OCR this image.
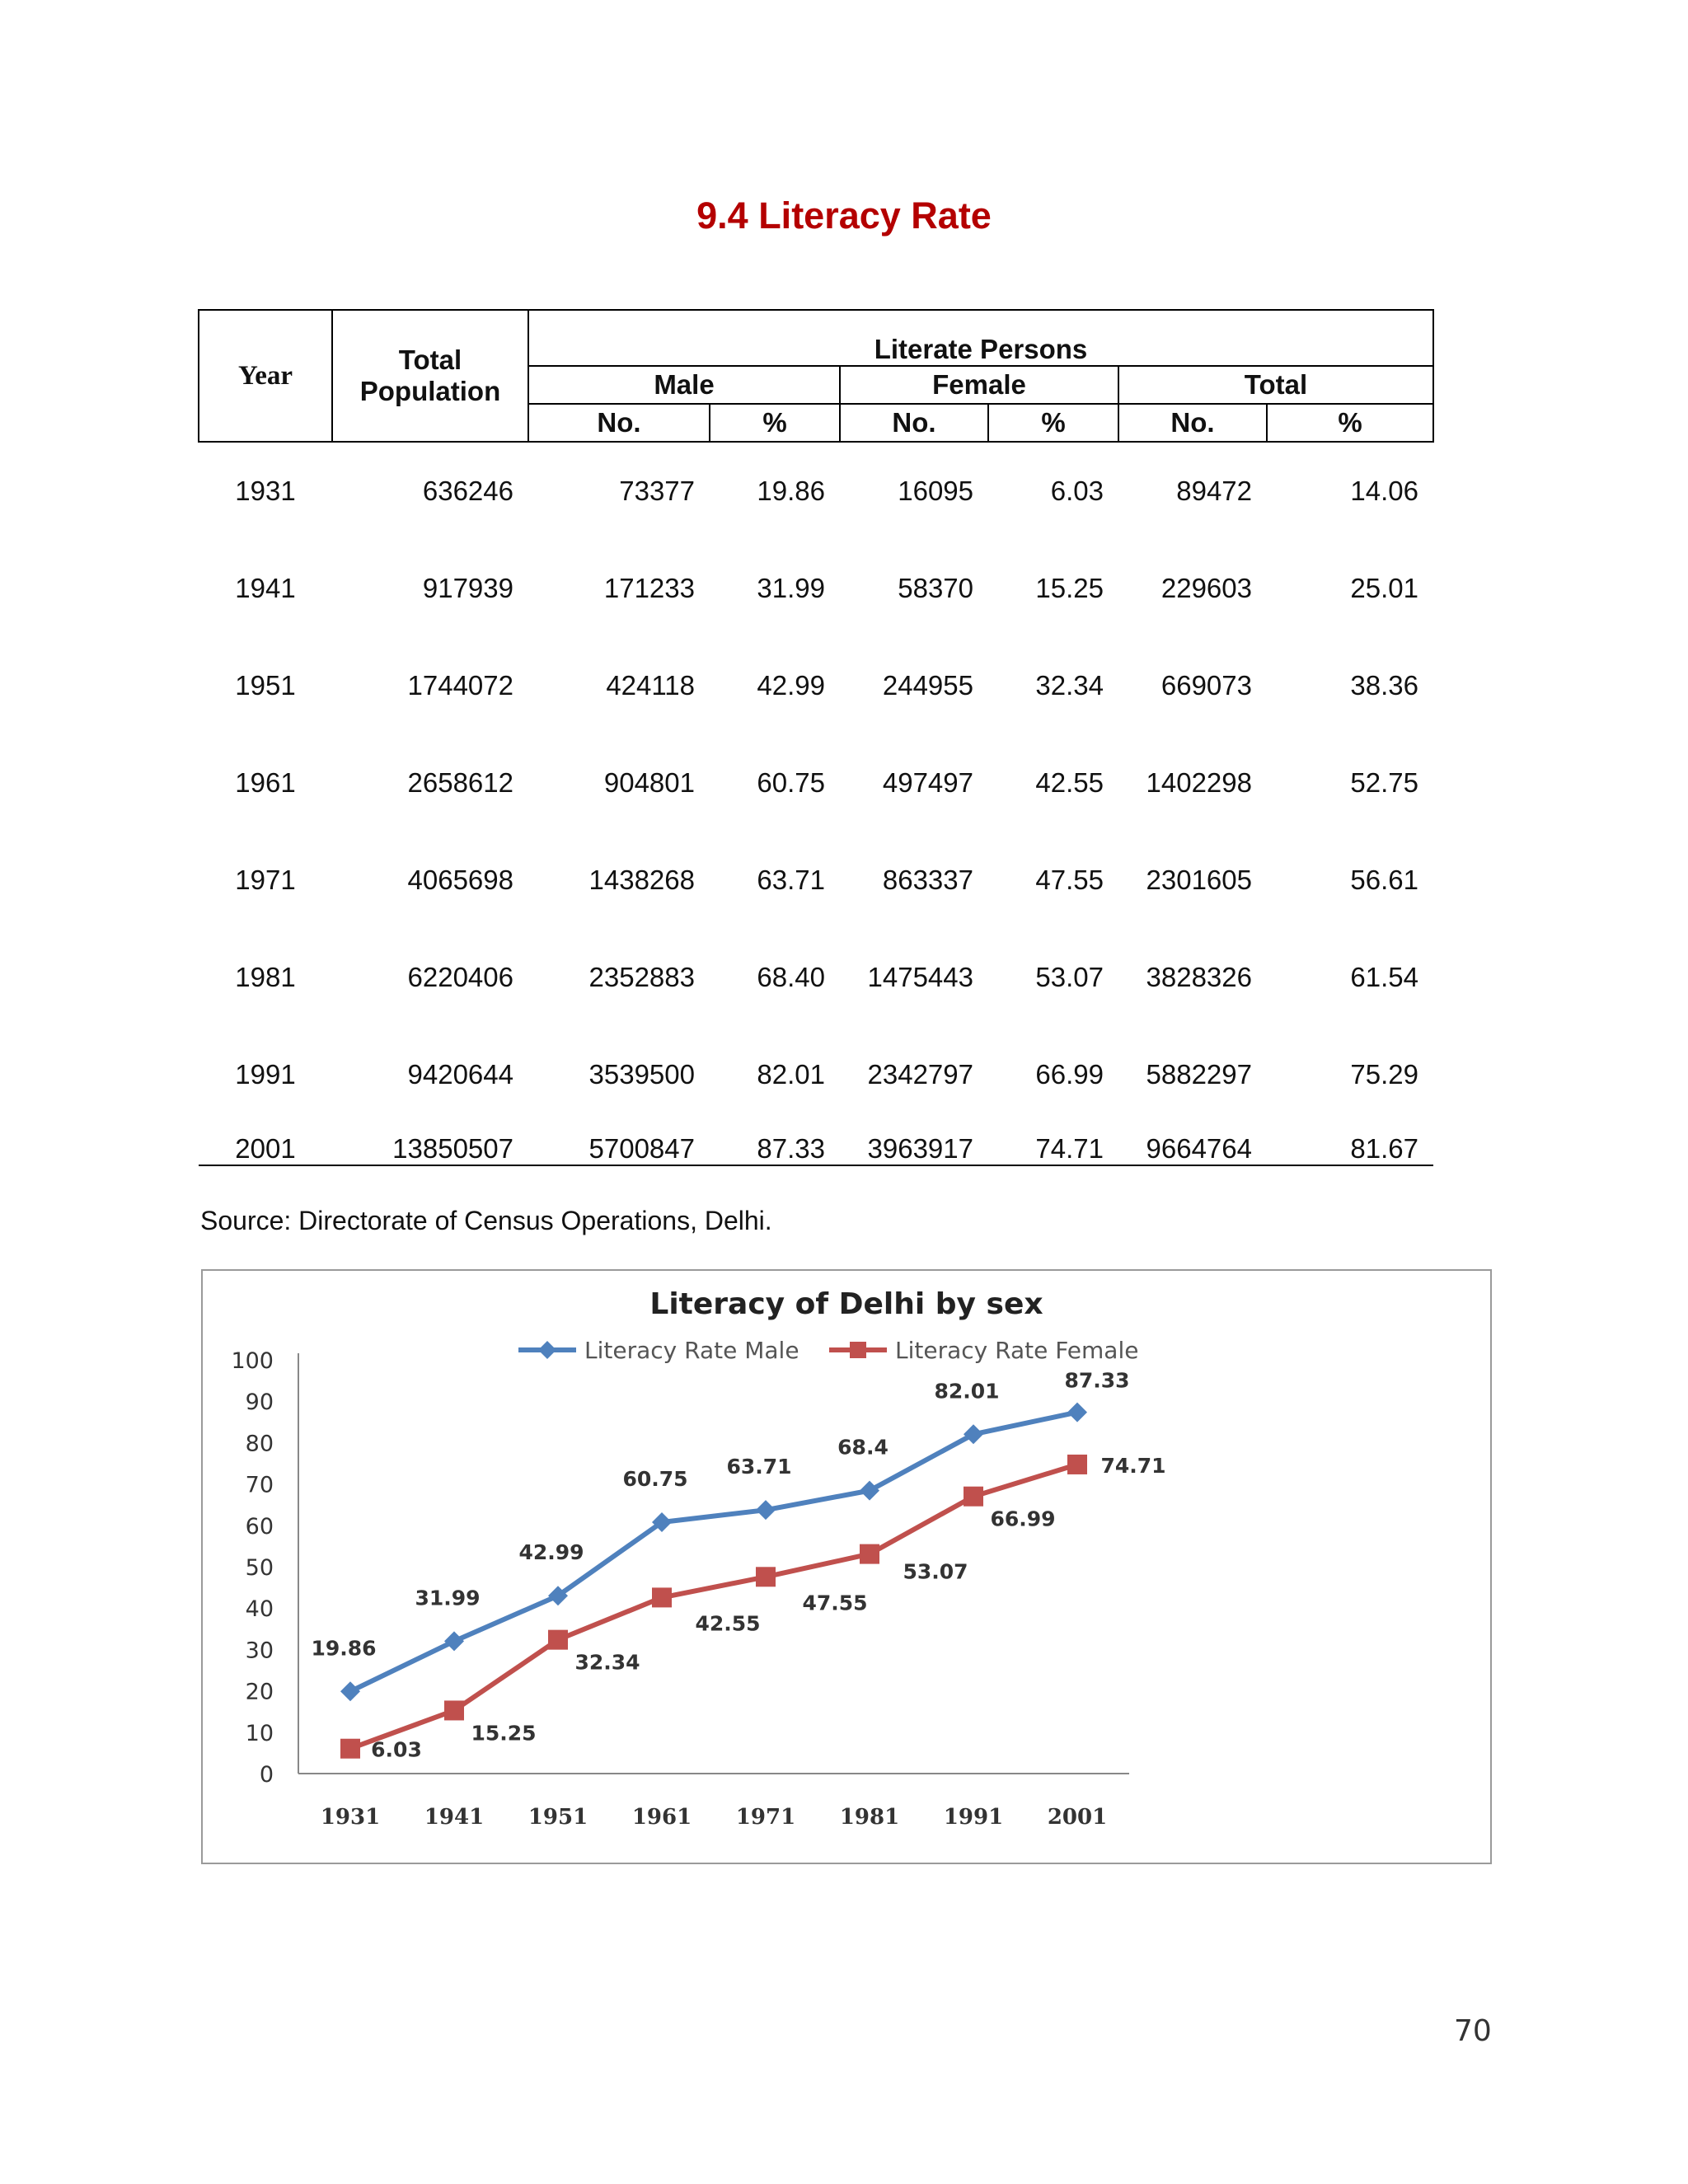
9.4 Literacy Rate
Year	Total Population	Literate Persons					
		Male		Female		Total	
		No.	%	No.	%	No.	%
1931	636246	73377	19.86	16095	6.03	89472	14.06
1941	917939	171233	31.99	58370	15.25	229603	25.01
1951	1744072	424118	42.99	244955	32.34	669073	38.36
1961	2658612	904801	60.75	497497	42.55	1402298	52.75
1971	4065698	1438268	63.71	863337	47.55	2301605	56.61
1981	6220406	2352883	68.40	1475443	53.07	3828326	61.54
1991	9420644	3539500	82.01	2342797	66.99	5882297	75.29
2001	13850507	5700847	87.33	3963917	74.71	9664764	81.67
Source: Directorate of Census Operations, Delhi.
Literacy of Delhi by sex
0
10
20
30
40
50
60
70
80
90
100
1931 1941 1951 1961 1971 1981 1991 2001
Literacy Rate Male	Literacy Rate Female
19.86
31.99
42.99
60.75
63.71
68.4
82.01	87.33
6.03
15.25
32.34
42.55
47.55
53.07
66.99
74.71
70
